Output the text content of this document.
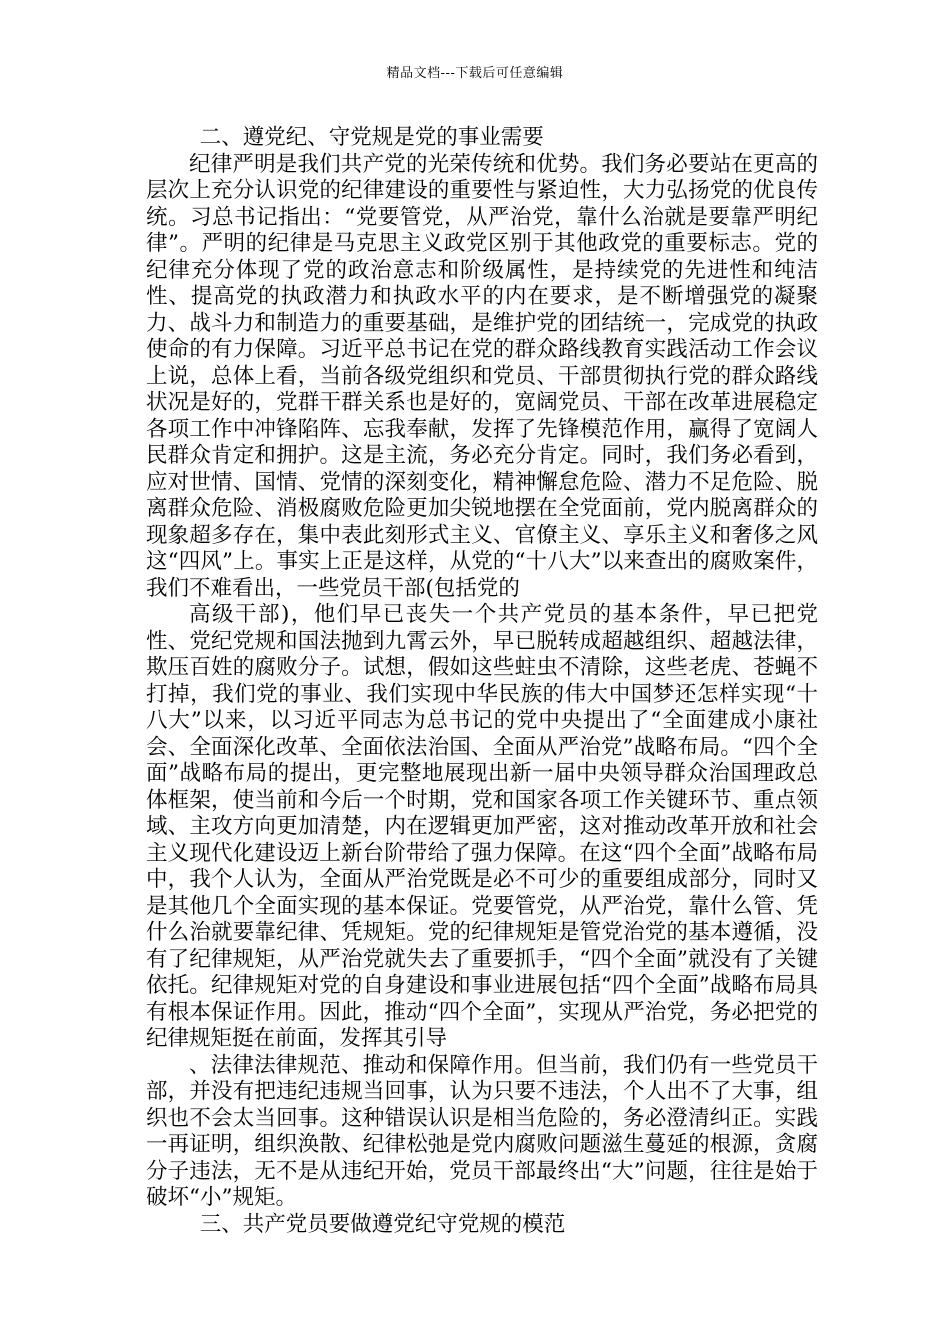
精品文档---下载后可任意编辑

二、遵党纪、守党规是党的事业需要

纪律严明是我们共产党的光荣传统和优势。我们务必要站在更高的层次上充分认识党的纪律建设的重要性与紧迫性，大力弘扬党的优良传统。习总书记指出：“党要管党，从严治党，靠什么治就是要靠严明纪律”。严明的纪律是马克思主义政党区别于其他政党的重要标志。党的纪律充分体现了党的政治意志和阶级属性，是持续党的先进性和纯洁性、提高党的执政潜力和执政水平的内在要求，是不断增强党的凝聚力、战斗力和制造力的重要基础，是维护党的团结统一，完成党的执政使命的有力保障。习近平总书记在党的群众路线教育实践活动工作会议上说，总体上看，当前各级党组织和党员、干部贯彻执行党的群众路线状况是好的，党群干群关系也是好的，宽阔党员、干部在改革进展稳定各项工作中冲锋陷阵、忘我奉献，发挥了先锋模范作用，赢得了宽阔人民群众肯定和拥护。这是主流，务必充分肯定。同时，我们务必看到，应对世情、国情、党情的深刻变化，精神懈怠危险、潜力不足危险、脱离群众危险、消极腐败危险更加尖锐地摆在全党面前，党内脱离群众的现象超多存在，集中表此刻形式主义、官僚主义、享乐主义和奢侈之风这“四风”上。事实上正是这样，从党的“十八大”以来查出的腐败案件，我们不难看出，一些党员干部(包括党的

高级干部)，他们早已丧失一个共产党员的基本条件，早已把党性、党纪党规和国法抛到九霄云外，早已脱转成超越组织、超越法律，欺压百姓的腐败分子。试想，假如这些蛀虫不清除，这些老虎、苍蝇不打掉，我们党的事业、我们实现中华民族的伟大中国梦还怎样实现“十八大”以来，以习近平同志为总书记的党中央提出了“全面建成小康社会、全面深化改革、全面依法治国、全面从严治党”战略布局。“四个全面”战略布局的提出，更完整地展现出新一届中央领导群众治国理政总体框架，使当前和今后一个时期，党和国家各项工作关键环节、重点领域、主攻方向更加清楚，内在逻辑更加严密，这对推动改革开放和社会主义现代化建设迈上新台阶带给了强力保障。在这“四个全面”战略布局中，我个人认为，全面从严治党既是必不可少的重要组成部分，同时又是其他几个全面实现的基本保证。党要管党，从严治党，靠什么管、凭什么治就要靠纪律、凭规矩。党的纪律规矩是管党治党的基本遵循，没有了纪律规矩，从严治党就失去了重要抓手，“四个全面”就没有了关键依托。纪律规矩对党的自身建设和事业进展包括“四个全面”战略布局具有根本保证作用。因此，推动“四个全面”，实现从严治党，务必把党的纪律规矩挺在前面，发挥其引导

、法律法律规范、推动和保障作用。但当前，我们仍有一些党员干部，并没有把违纪违规当回事，认为只要不违法，个人出不了大事，组织也不会太当回事。这种错误认识是相当危险的，务必澄清纠正。实践一再证明，组织涣散、纪律松弛是党内腐败问题滋生蔓延的根源，贪腐分子违法，无不是从违纪开始，党员干部最终出“大”问题，往往是始于破坏“小”规矩。

三、共产党员要做遵党纪守党规的模范
